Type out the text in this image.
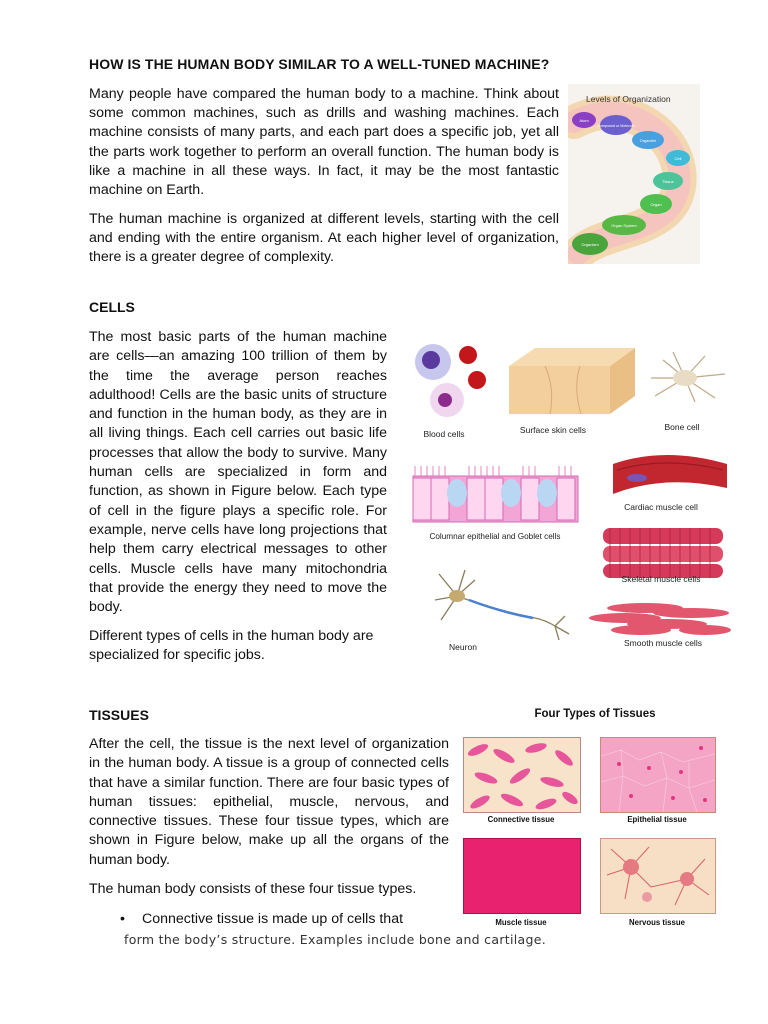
HOW IS THE HUMAN BODY SIMILAR TO A WELL-TUNED MACHINE?
Many people have compared the human body to a machine. Think about some common machines, such as drills and washing machines. Each machine consists of many parts, and each part does a specific job, yet all the parts work together to perform an overall function. The human body is like a machine in all these ways. In fact, it may be the most fantastic machine on Earth.
The human machine is organized at different levels, starting with the cell and ending with the entire organism. At each higher level of organization, there is a greater degree of complexity.
Levels of Organization
Atom
Compound or Molecule
Organelle
Cell
Tissue
Organ
Organ System
Organism
CELLS
The most basic parts of the human machine are cells—an amazing 100 trillion of them by the time the average person reaches adulthood! Cells are the basic units of structure and function in the human body, as they are in all living things. Each cell carries out basic life processes that allow the body to survive. Many human cells are specialized in form and function, as shown in Figure below. Each type of cell in the figure plays a specific role. For example, nerve cells have long projections that help them carry electrical messages to other cells. Muscle cells have many mitochondria that provide the energy they need to move the body.
Different types of cells in the human body are specialized for specific jobs.
Blood cells	Surface skin cells	Bone cell
Columnar epithelial and Goblet cells
Cardiac muscle cell
Skeletal muscle cells
Neuron	Smooth muscle cells
TISSUES
After the cell, the tissue is the next level of organization in the human body. A tissue is a group of connected cells that have a similar function. There are four basic types of human tissues: epithelial, muscle, nervous, and connective tissues. These four tissue types, which are shown in Figure below, make up all the organs of the human body.
The human body consists of these four tissue types.
• Connective tissue is made up of cells that
form the body’s structure. Examples include bone and cartilage.
Four Types of Tissues
Connective tissue	Epithelial tissue
Muscle tissue	Nervous tissue
